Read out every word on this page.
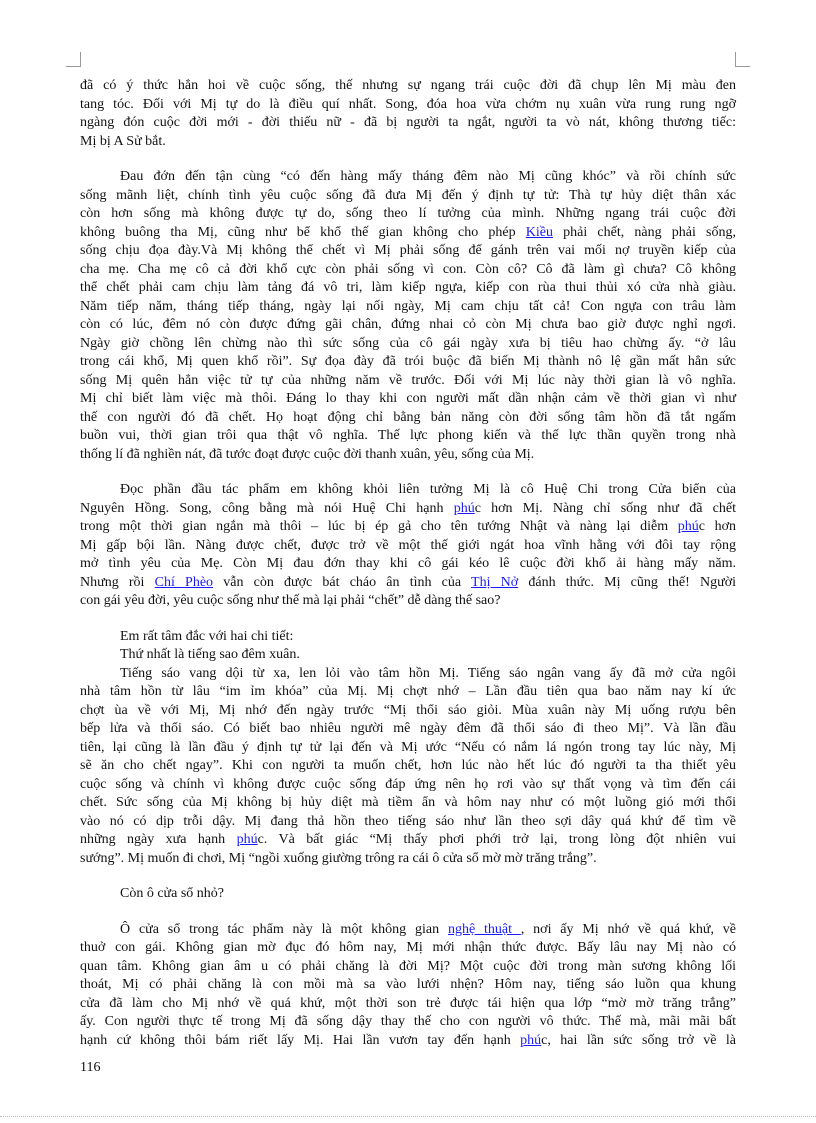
đã có ý thức hẳn hoi về cuộc sống, thế nhưng sự ngang trái cuộc đời đã chụp lên Mị màu đen
tang tóc. Đối với Mị tự do là điều quí nhất. Song, đóa hoa vừa chớm nụ xuân vừa rung rung ngỡ
ngàng đón cuộc đời mới - đời thiếu nữ - đã bị người ta ngắt, người ta vò nát, không thương tiếc:
Mị bị A Sử bắt.

Đau đớn đến tận cùng “có đến hàng mấy tháng đêm nào Mị cũng khóc” và rồi chính sức
sống mãnh liệt, chính tình yêu cuộc sống đã đưa Mị đến ý định tự tử: Thà tự hủy diệt thân xác
còn hơn sống mà không được tự do, sống theo lí tưởng của mình. Những ngang trái cuộc đời
không buông tha Mị, cũng như bể khổ thế gian không cho phép Kiều phải chết, nàng phải sống,
sống chịu đọa đày.Và Mị không thể chết vì Mị phải sống để gánh trên vai mối nợ truyền kiếp của
cha mẹ. Cha mẹ cô cả đời khổ cực còn phải sống vì con. Còn cô? Cô đã làm gì chưa? Cô không
thể chết phải cam chịu làm tảng đá vô tri, làm kiếp ngựa, kiếp con rùa thui thủi xó cửa nhà giàu.
Năm tiếp năm, tháng tiếp tháng, ngày lại nối ngày, Mị cam chịu tất cả! Con ngựa con trâu làm
còn có lúc, đêm nó còn được đứng gãi chân, đứng nhai cỏ còn Mị chưa bao giờ được nghỉ ngơi.
Ngày giờ chồng lên chừng nào thì sức sống của cô gái ngày xưa bị tiêu hao chừng ấy. “ở lâu
trong cái khổ, Mị quen khổ rồi”. Sự đọa đày đã trói buộc đã biến Mị thành nô lệ gần mất hẳn sức
sống Mị quên hẳn việc tử tự của những năm về trước. Đối với Mị lúc này thời gian là vô nghĩa.
Mị chỉ biết làm việc mà thôi. Đáng lo thay khi con người mất dần nhận cảm về thời gian vì như
thế con người đó đã chết. Họ hoạt động chỉ bằng bản năng còn đời sống tâm hồn đã tắt ngấm
buồn vui, thời gian trôi qua thật vô nghĩa. Thế lực phong kiến và thế lực thần quyền trong nhà
thống lí đã nghiền nát, đã tước đoạt được cuộc đời thanh xuân, yêu, sống của Mị.

Đọc phần đầu tác phẩm em không khỏi liên tưởng Mị là cô Huệ Chi trong Cửa biển của
Nguyên Hồng. Song, công bằng mà nói Huệ Chi hạnh phúc hơn Mị. Nàng chỉ sống như đã chết
trong một thời gian ngắn mà thôi – lúc bị ép gả cho tên tướng Nhật và nàng lại diễm phúc hơn
Mị gấp bội lần. Nàng được chết, được trở về một thế giới ngát hoa vĩnh hằng với đôi tay rộng
mở tình yêu của Mẹ. Còn Mị đau đớn thay khi cô gái kéo lê cuộc đời khổ ải hàng mấy năm.
Nhưng rồi Chí Phèo vẫn còn được bát cháo ân tình của Thị Nở đánh thức. Mị cũng thế! Người
con gái yêu đời, yêu cuộc sống như thế mà lại phải “chết” dễ dàng thế sao?

Em rất tâm đắc với hai chi tiết:

Thứ nhất là tiếng sao đêm xuân.

Tiếng sáo vang dội từ xa, len lỏi vào tâm hồn Mị. Tiếng sáo ngân vang ấy đã mở cửa ngôi
nhà tâm hồn từ lâu “im ỉm khóa” của Mị. Mị chợt nhớ – Lần đầu tiên qua bao năm nay kí ức
chợt ùa về với Mị, Mị nhớ đến ngày trước “Mị thổi sáo giỏi. Mùa xuân này Mị uống rượu bên
bếp lửa và thổi sáo. Có biết bao nhiêu người mê ngày đêm đã thổi sáo đi theo Mị”. Và lần đầu
tiên, lại cũng là lần đầu ý định tự tử lại đến và Mị ước “Nếu có nắm lá ngón trong tay lúc này, Mị
sẽ ăn cho chết ngay”. Khi con người ta muốn chết, hơn lúc nào hết lúc đó người ta tha thiết yêu
cuộc sống và chính vì không được cuộc sống đáp ứng nên họ rơi vào sự thất vọng và tìm đến cái
chết. Sức sống của Mị không bị hủy diệt mà tiềm ẩn và hôm nay như có một luồng gió mới thổi
vào nó có dịp trỗi dậy. Mị đang thả hồn theo tiếng sáo như lần theo sợi dây quá khứ để tìm về
những ngày xưa hạnh phúc. Và bất giác “Mị thấy phơi phới trở lại, trong lòng đột nhiên vui
sướng”. Mị muốn đi chơi, Mị “ngồi xuống giường trông ra cái ô cửa sổ mờ mờ trăng trắng”.

Còn ô cửa sổ nhỏ?

Ô cửa sổ trong tác phẩm này là một không gian nghệ thuật , nơi ấy Mị nhớ về quá khứ, về
thuở con gái. Không gian mờ đục đó hôm nay, Mị mới nhận thức được. Bấy lâu nay Mị nào có
quan tâm. Không gian âm u có phải chăng là đời Mị? Một cuộc đời trong màn sương không lối
thoát, Mị có phải chăng là con mồi mà sa vào lưới nhện? Hôm nay, tiếng sáo luồn qua khung
cửa đã làm cho Mị nhớ về quá khứ, một thời son trẻ được tái hiện qua lớp “mờ mờ trăng trắng”
ấy. Con người thực tế trong Mị đã sống dậy thay thế cho con người vô thức. Thế mà, mãi mãi bất
hạnh cứ không thôi bám riết lấy Mị. Hai lần vươn tay đến hạnh phúc, hai lần sức sống trở về là

116
